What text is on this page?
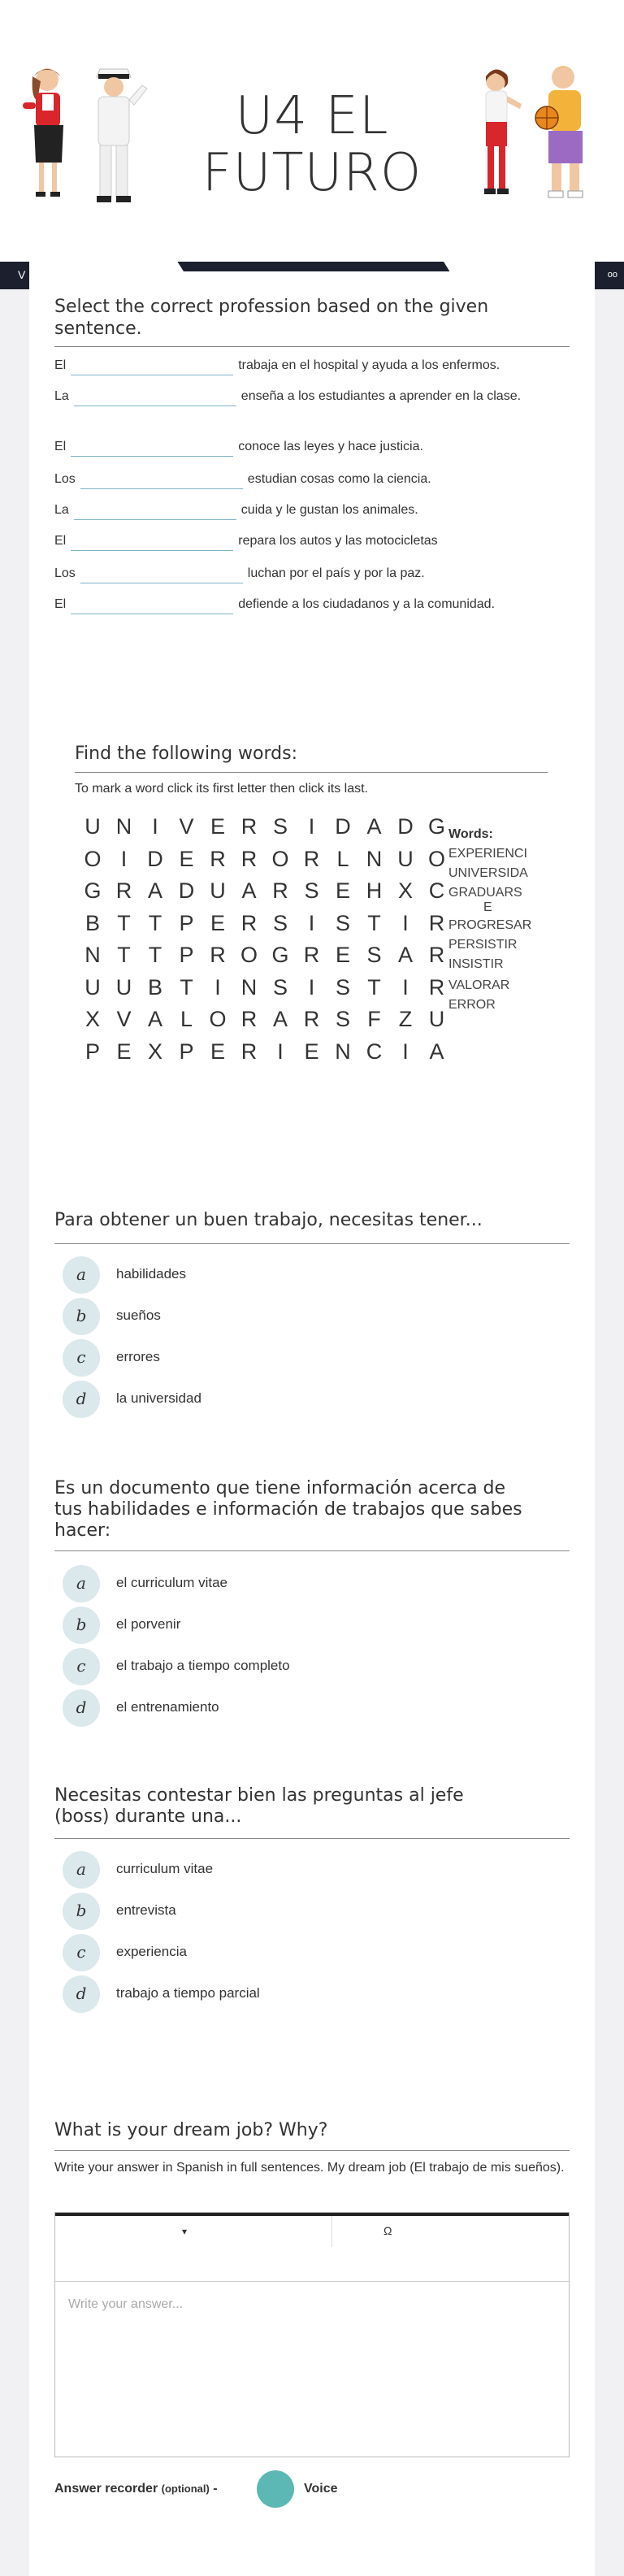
U4 EL
FUTURO
V	oo
Select the correct profession based on the given sentence.
El	trabaja en el hospital y ayuda a los enfermos.
La	enseña a los estudiantes a aprender en la clase.
El	conoce las leyes y hace justicia.
Los	estudian cosas como la ciencia.
La	cuida y le gustan los animales.
El	repara los autos y las motocicletas
Los	luchan por el país y por la paz.
El	defiende a los ciudadanos y a la comunidad.
Find the following words:
To mark a word click its first letter then click its last.
U N I V E R S I D A D G
O I D E R R O R L N U O
G R A D U A R S E H X C
B T T P E R S I S T I R
N T T P R O G R E S A R
U U B T I N S I S T I R
X V A L O R A R S F Z U
P E X P E R I E N C I A
Words:
EXPERIENCI
UNIVERSIDA
GRADUARS
E
PROGRESAR
PERSISTIR
INSISTIR
VALORAR
ERROR
Para obtener un buen trabajo, necesitas tener...
a	habilidades
b	sueños
c	errores
d	la universidad
Es un documento que tiene información acerca de
tus habilidades e información de trabajos que sabes
hacer:
a	el curriculum vitae
b	el porvenir
c	el trabajo a tiempo completo
d	el entrenamiento
Necesitas contestar bien las preguntas al jefe
(boss) durante una...
a	curriculum vitae
b	entrevista
c	experiencia
d	trabajo a tiempo parcial
What is your dream job? Why?
Write your answer in Spanish in full sentences. My dream job (El trabajo de mis sueños).
▾	Ω
Write your answer...
Answer recorder (optional) -	Voice
